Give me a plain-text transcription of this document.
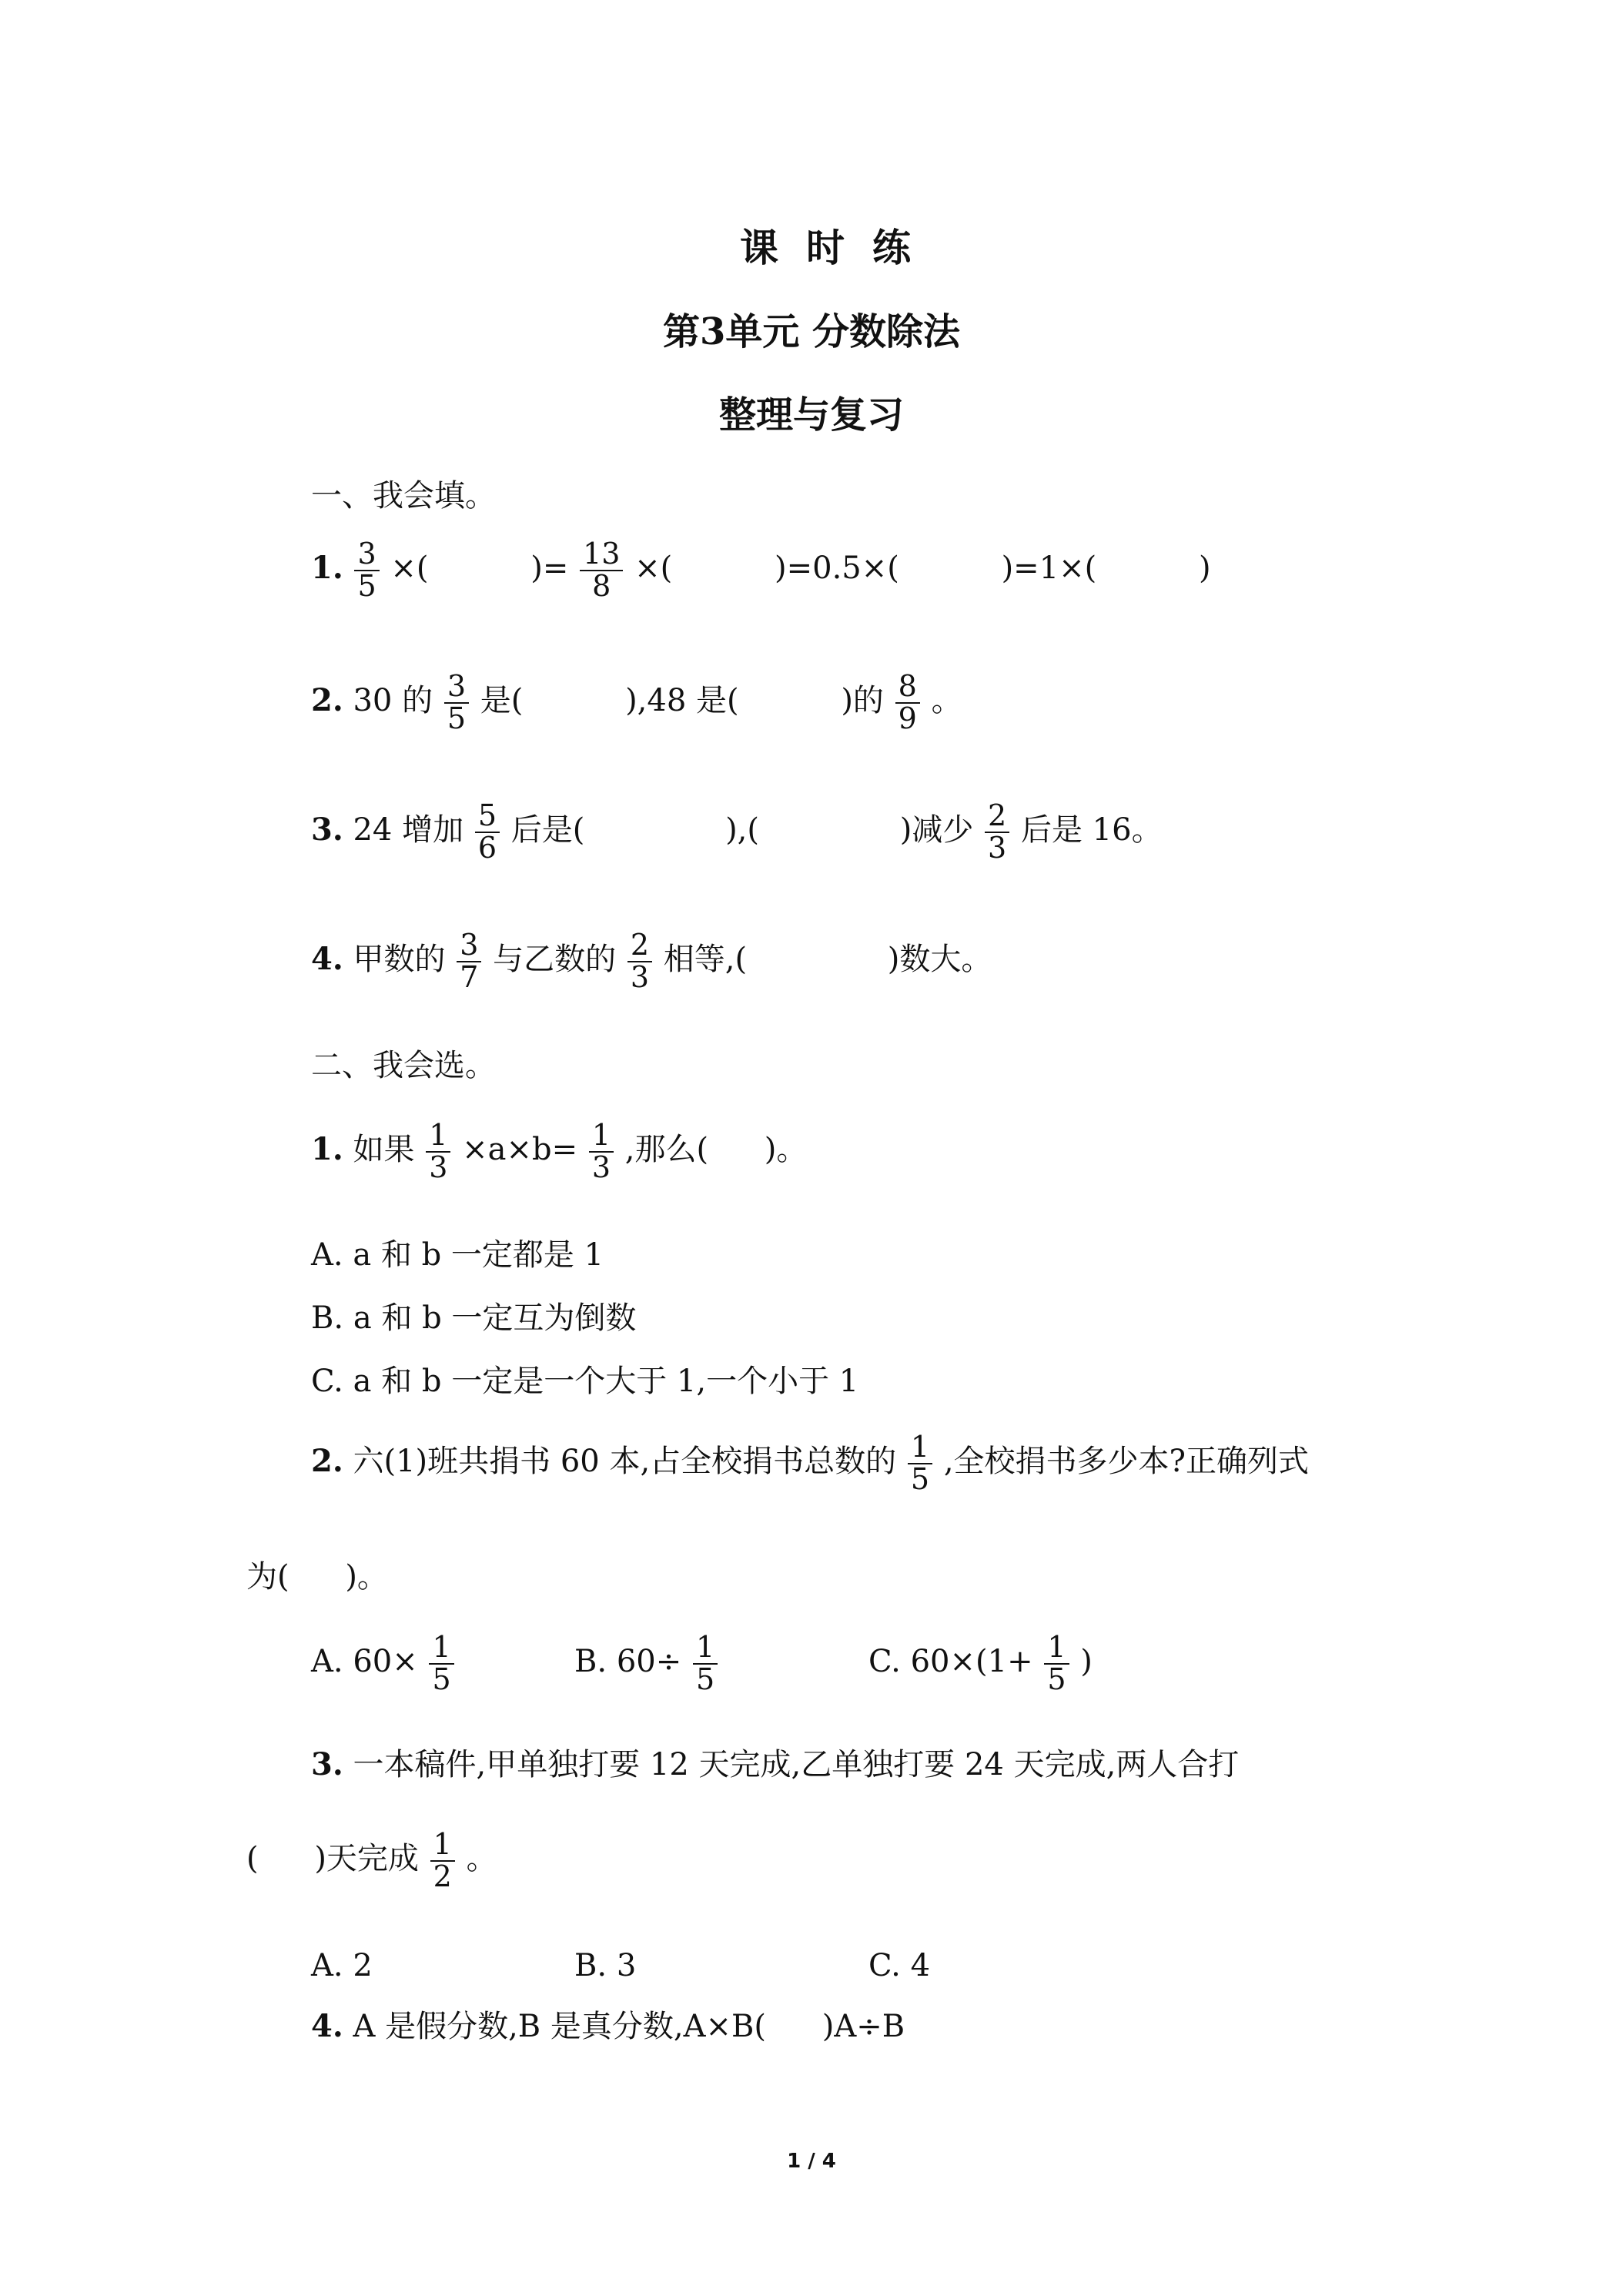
课时练
第3单元 分数除法
整理与复习
一、我会填。
1. $\frac{3}{5}$ ×(	)= $\frac{13}{8}$ ×(	)=0.5×(	)=1×(	)
2. 30 的 $\frac{3}{5}$ 是(	),48 是(	)的 $\frac{8}{9}$ 。
3. 24 增加 $\frac{5}{6}$ 后是(	),(	)减少 $\frac{2}{3}$ 后是 16。
4. 甲数的 $\frac{3}{7}$ 与乙数的 $\frac{2}{3}$ 相等,(	)数大。
二、我会选。
1. 如果 $\frac{1}{3} \times a\times b= \frac{1}{3}$ ,那么( )。
A. a 和 b 一定都是 1
B. a 和 b 一定互为倒数
C. a 和 b 一定是一个大于 1,一个小于 1
2. 六(1)班共捐书 60 本,占全校捐书总数的 $\frac{1}{5}$ ,全校捐书多少本?正确列式
为( )。
A. $60\times \frac{1}{5}$	B. $60\div \frac{1}{5}$	C. $60\times(1+ \frac{1}{5}$ )
3. 一本稿件,甲单独打要 12 天完成,乙单独打要 24 天完成,两人合打
( )天完成 $\frac{1}{2}$ 。
A. 2	B. 3	C. 4
4. A 是假分数,B 是真分数,A×B( )A÷B
1 / 4
